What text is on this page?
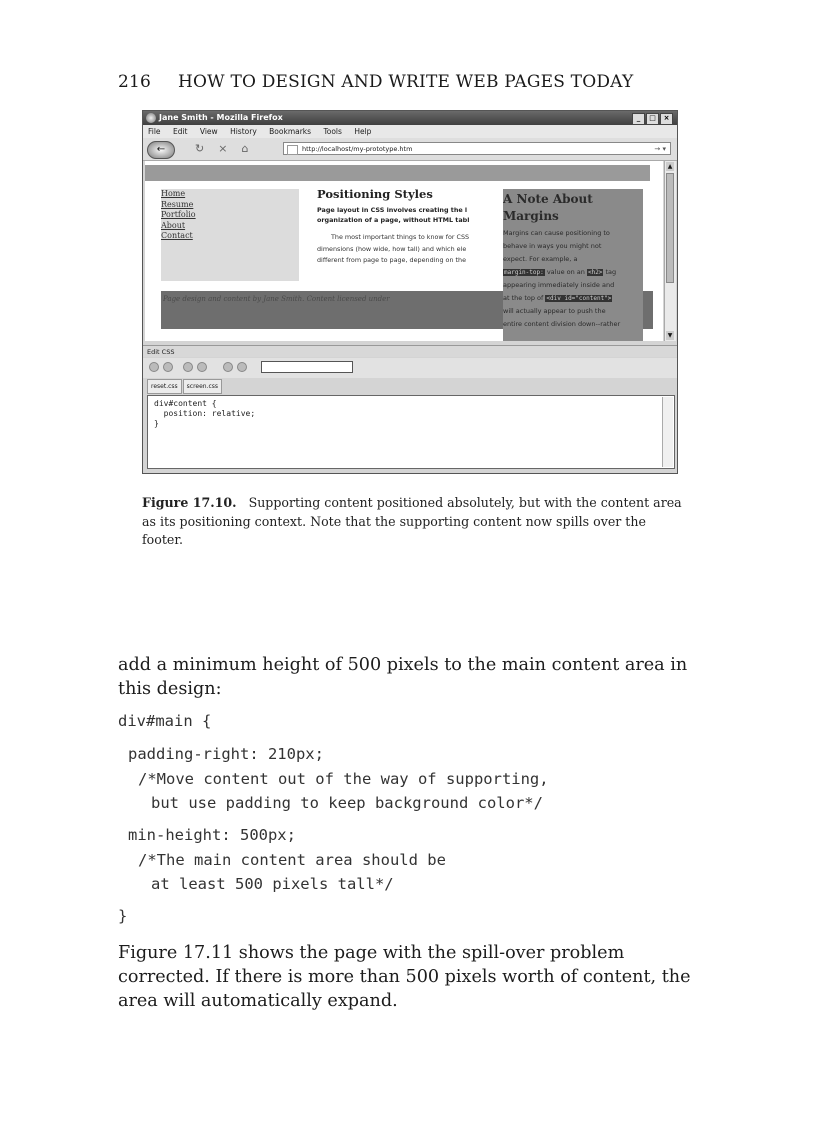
216 HOW TO DESIGN AND WRITE WEB PAGES TODAY
Jane Smith - Mozilla Firefox	_	□	×
File Edit View History Bookmarks Tools Help
←	↻ × ⌂	http://localhost/my-prototype.htm	→ ▾
Home
Resume
Portfolio
About
Contact
Positioning Styles
Page layout in CSS involves creating the l
organization of a page, without HTML tabl
The most important things to know for CSS
dimensions (how wide, how tall) and which ele
different from page to page, depending on the
Page design and content by Jane Smith. Content licensed under
A Note About
Margins

Margins can cause positioning to
behave in ways you might not
expect. For example, a
margin-top: value on an <h2> tag
appearing immediately inside and
at the top of <div id="content">
will actually appear to push the
entire content division down--rather

▲
▼
Edit CSS
reset.css screen.css
div#content {
position: relative;
}
Figure 17.10. Supporting content positioned absolutely, but with the content area as its positioning context. Note that the supporting content now spills over the footer.
add a minimum height of 500 pixels to the main content area in this design:
div#main {
padding-right: 210px;
/*Move content out of the way of supporting,
but use padding to keep background color*/
min-height: 500px;
/*The main content area should be
at least 500 pixels tall*/
}
Figure 17.11 shows the page with the spill-over problem corrected. If there is more than 500 pixels worth of content, the area will automatically expand.
